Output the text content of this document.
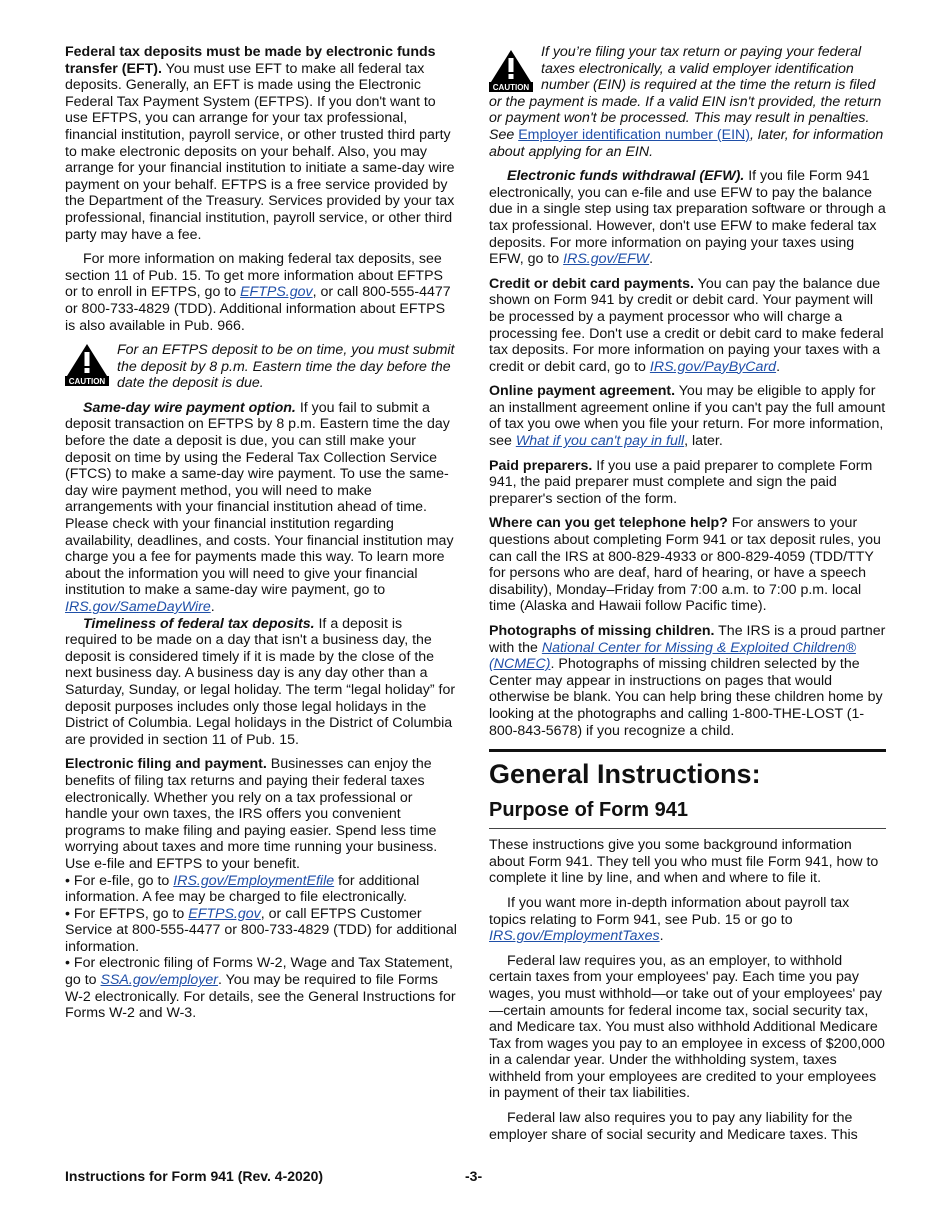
Federal tax deposits must be made by electronic funds transfer (EFT). You must use EFT to make all federal tax deposits. Generally, an EFT is made using the Electronic Federal Tax Payment System (EFTPS). If you don't want to use EFTPS, you can arrange for your tax professional, financial institution, payroll service, or other trusted third party to make electronic deposits on your behalf. Also, you may arrange for your financial institution to initiate a same-day wire payment on your behalf. EFTPS is a free service provided by the Department of the Treasury. Services provided by your tax professional, financial institution, payroll service, or other third party may have a fee.

For more information on making federal tax deposits, see section 11 of Pub. 15. To get more information about EFTPS or to enroll in EFTPS, go to EFTPS.gov, or call 800-555-4477 or 800-733-4829 (TDD). Additional information about EFTPS is also available in Pub. 966.

CAUTION
For an EFTPS deposit to be on time, you must submit the deposit by 8 p.m. Eastern time the day before the date the deposit is due.

Same-day wire payment option. If you fail to submit a deposit transaction on EFTPS by 8 p.m. Eastern time the day before the date a deposit is due, you can still make your deposit on time by using the Federal Tax Collection Service (FTCS) to make a same-day wire payment. To use the same-day wire payment method, you will need to make arrangements with your financial institution ahead of time. Please check with your financial institution regarding availability, deadlines, and costs. Your financial institution may charge you a fee for payments made this way. To learn more about the information you will need to give your financial institution to make a same-day wire payment, go to IRS.gov/SameDayWire.

Timeliness of federal tax deposits. If a deposit is required to be made on a day that isn't a business day, the deposit is considered timely if it is made by the close of the next business day. A business day is any day other than a Saturday, Sunday, or legal holiday. The term “legal holiday” for deposit purposes includes only those legal holidays in the District of Columbia. Legal holidays in the District of Columbia are provided in section 11 of Pub. 15.

Electronic filing and payment. Businesses can enjoy the benefits of filing tax returns and paying their federal taxes electronically. Whether you rely on a tax professional or handle your own taxes, the IRS offers you convenient programs to make filing and paying easier. Spend less time worrying about taxes and more time running your business. Use e-file and EFTPS to your benefit.

• For e-file, go to IRS.gov/EmploymentEfile for additional information. A fee may be charged to file electronically.

• For EFTPS, go to EFTPS.gov, or call EFTPS Customer Service at 800-555-4477 or 800-733-4829 (TDD) for additional information.

• For electronic filing of Forms W-2, Wage and Tax Statement, go to SSA.gov/employer. You may be required to file Forms W-2 electronically. For details, see the General Instructions for Forms W-2 and W-3.

CAUTION
If you’re filing your tax return or paying your federal taxes electronically, a valid employer identification number (EIN) is required at the time the return is filed or the payment is made. If a valid EIN isn't provided, the return or payment won't be processed. This may result in penalties. See Employer identification number (EIN), later, for information about applying for an EIN.

Electronic funds withdrawal (EFW). If you file Form 941 electronically, you can e-file and use EFW to pay the balance due in a single step using tax preparation software or through a tax professional. However, don't use EFW to make federal tax deposits. For more information on paying your taxes using EFW, go to IRS.gov/EFW.

Credit or debit card payments. You can pay the balance due shown on Form 941 by credit or debit card. Your payment will be processed by a payment processor who will charge a processing fee. Don't use a credit or debit card to make federal tax deposits. For more information on paying your taxes with a credit or debit card, go to IRS.gov/PayByCard.

Online payment agreement. You may be eligible to apply for an installment agreement online if you can't pay the full amount of tax you owe when you file your return. For more information, see What if you can't pay in full, later.

Paid preparers. If you use a paid preparer to complete Form 941, the paid preparer must complete and sign the paid preparer's section of the form.

Where can you get telephone help? For answers to your questions about completing Form 941 or tax deposit rules, you can call the IRS at 800-829-4933 or 800-829-4059 (TDD/TTY for persons who are deaf, hard of hearing, or have a speech disability), Monday–Friday from 7:00 a.m. to 7:00 p.m. local time (Alaska and Hawaii follow Pacific time).

Photographs of missing children. The IRS is a proud partner with the National Center for Missing & Exploited Children® (NCMEC). Photographs of missing children selected by the Center may appear in instructions on pages that would otherwise be blank. You can help bring these children home by looking at the photographs and calling 1-800-THE-LOST (1-800-843-5678) if you recognize a child.

General Instructions:
Purpose of Form 941

These instructions give you some background information about Form 941. They tell you who must file Form 941, how to complete it line by line, and when and where to file it.

If you want more in-depth information about payroll tax topics relating to Form 941, see Pub. 15 or go to IRS.gov/EmploymentTaxes.

Federal law requires you, as an employer, to withhold certain taxes from your employees' pay. Each time you pay wages, you must withhold—or take out of your employees' pay—certain amounts for federal income tax, social security tax, and Medicare tax. You must also withhold Additional Medicare Tax from wages you pay to an employee in excess of $200,000 in a calendar year. Under the withholding system, taxes withheld from your employees are credited to your employees in payment of their tax liabilities.

Federal law also requires you to pay any liability for the employer share of social security and Medicare taxes. This

Instructions for Form 941 (Rev. 4-2020)	-3-
